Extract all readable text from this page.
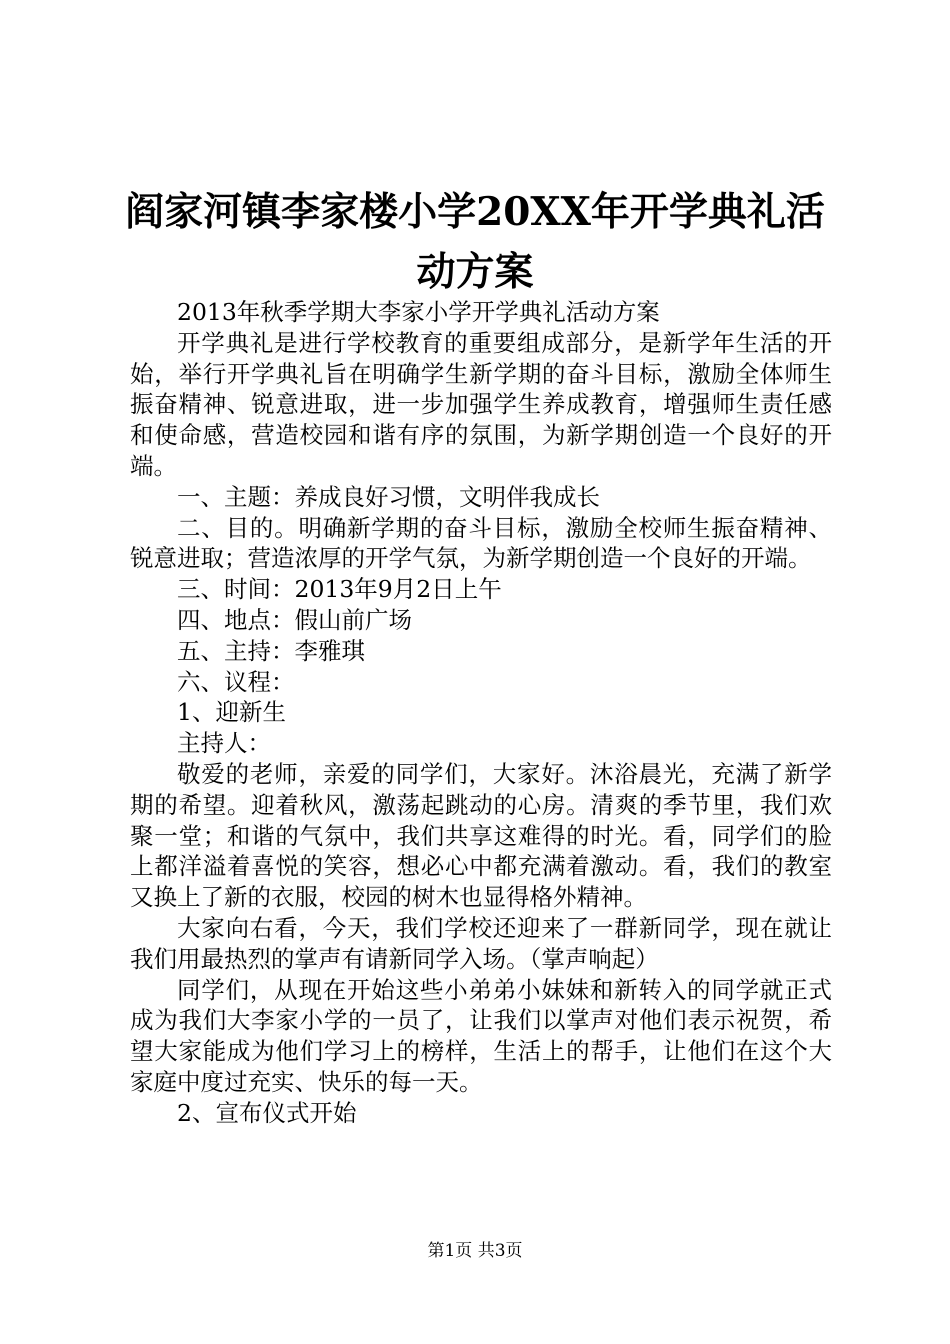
阎家河镇李家楼小学20XX年开学典礼活动方案

2013年秋季学期大李家小学开学典礼活动方案

开学典礼是进行学校教育的重要组成部分，是新学年生活的开始，举行开学典礼旨在明确学生新学期的奋斗目标，激励全体师生振奋精神、锐意进取，进一步加强学生养成教育，增强师生责任感和使命感，营造校园和谐有序的氛围，为新学期创造一个良好的开端。

一、主题：养成良好习惯，文明伴我成长

二、目的。明确新学期的奋斗目标，激励全校师生振奋精神、锐意进取；营造浓厚的开学气氛，为新学期创造一个良好的开端。

三、时间：2013年9月2日上午

四、地点：假山前广场

五、主持：李雅琪

六、议程：

1、迎新生

主持人：

敬爱的老师，亲爱的同学们，大家好。沐浴晨光，充满了新学期的希望。迎着秋风，激荡起跳动的心房。清爽的季节里，我们欢聚一堂；和谐的气氛中，我们共享这难得的时光。看，同学们的脸上都洋溢着喜悦的笑容，想必心中都充满着激动。看，我们的教室又换上了新的衣服，校园的树木也显得格外精神。

大家向右看，今天，我们学校还迎来了一群新同学，现在就让我们用最热烈的掌声有请新同学入场。（掌声响起）

同学们，从现在开始这些小弟弟小妹妹和新转入的同学就正式成为我们大李家小学的一员了，让我们以掌声对他们表示祝贺，希望大家能成为他们学习上的榜样，生活上的帮手，让他们在这个大家庭中度过充实、快乐的每一天。

2、宣布仪式开始

第1页 共3页
